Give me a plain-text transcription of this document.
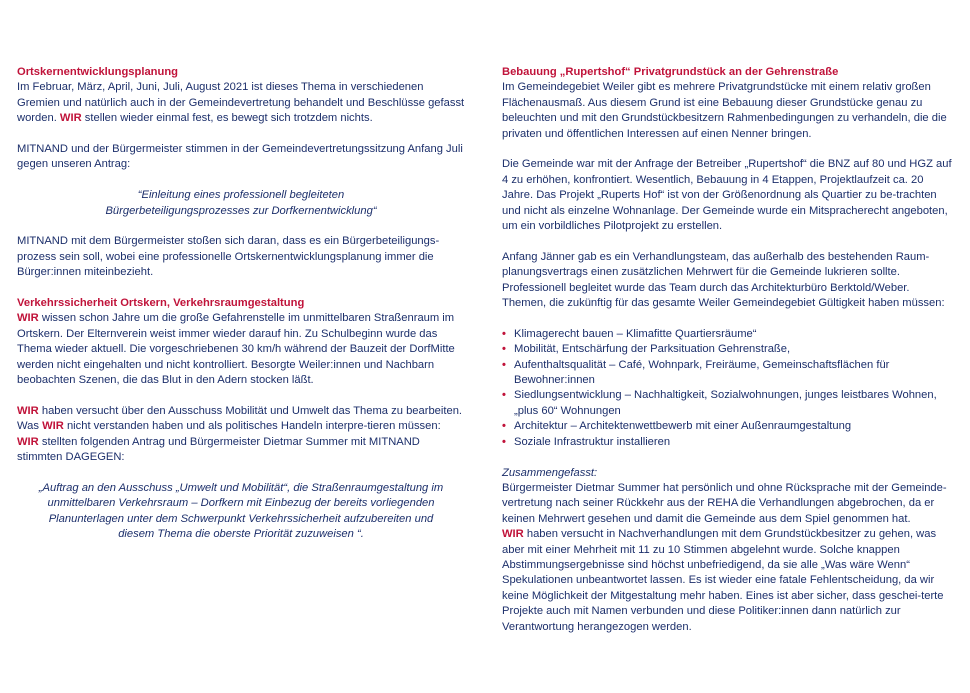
Ortskernentwicklungsplanung

Im Februar, März, April, Juni, Juli, August 2021 ist dieses Thema in verschiedenen Gremien und natürlich auch in der Gemeindevertretung behandelt und Beschlüsse gefasst worden. WIR stellen wieder einmal fest, es bewegt sich trotzdem nichts.

MITNAND und der Bürgermeister stimmen in der Gemeindevertretungssitzung Anfang Juli gegen unseren Antrag:

“Einleitung eines professionell begleiteten
Bürgerbeteiligungsprozesses zur Dorfkernentwicklung“

MITNAND mit dem Bürgermeister stoßen sich daran, dass es ein Bürgerbeteiligungs-prozess sein soll, wobei eine professionelle Ortskernentwicklungsplanung immer die Bürger:innen miteinbezieht.

Verkehrssicherheit Ortskern, Verkehrsraumgestaltung

WIR wissen schon Jahre um die große Gefahrenstelle im unmittelbaren Straßenraum im Ortskern. Der Elternverein weist immer wieder darauf hin. Zu Schulbeginn wurde das Thema wieder aktuell. Die vorgeschriebenen 30 km/h während der Bauzeit der DorfMitte werden nicht eingehalten und nicht kontrolliert. Besorgte Weiler:innen und Nachbarn beobachten Szenen, die das Blut in den Adern stocken läßt.

WIR haben versucht über den Ausschuss Mobilität und Umwelt das Thema zu bearbeiten. Was WIR nicht verstanden haben und als politisches Handeln interpre-tieren müssen: WIR stellten folgenden Antrag und Bürgermeister Dietmar Summer mit MITNAND stimmten DAGEGEN:

„Auftrag an den Ausschuss „Umwelt und Mobilität“, die Straßenraumgestaltung im unmittelbaren Verkehrsraum – Dorfkern mit Einbezug der bereits vorliegenden Planunterlagen unter dem Schwerpunkt Verkehrssicherheit aufzubereiten und diesem Thema die oberste Priorität zuzuweisen “.

Bebauung „Rupertshof“ Privatgrundstück an der Gehrenstraße

Im Gemeindegebiet Weiler gibt es mehrere Privatgrundstücke mit einem relativ großen Flächenausmaß. Aus diesem Grund ist eine Bebauung dieser Grundstücke genau zu beleuchten und mit den Grundstückbesitzern Rahmenbedingungen zu verhandeln, die die privaten und öffentlichen Interessen auf einen Nenner bringen.

Die Gemeinde war mit der Anfrage der Betreiber „Rupertshof“ die BNZ auf 80 und HGZ auf 4 zu erhöhen, konfrontiert. Wesentlich, Bebauung in 4 Etappen, Projektlaufzeit ca. 20 Jahre. Das Projekt „Ruperts Hof“ ist von der Größenordnung als Quartier zu be-trachten und nicht als einzelne Wohnanlage. Der Gemeinde wurde ein Mitspracherecht angeboten, um ein vorbildliches Pilotprojekt zu erstellen.

Anfang Jänner gab es ein Verhandlungsteam, das außerhalb des bestehenden Raum-planungsvertrags einen zusätzlichen Mehrwert für die Gemeinde lukrieren sollte. Professionell begleitet wurde das Team durch das Architekturbüro Berktold/Weber. Themen, die zukünftig für das gesamte Weiler Gemeindegebiet Gültigkeit haben müssen:

• Klimagerecht bauen – Klimafitte Quartiersräume“
• Mobilität, Entschärfung der Parksituation Gehrenstraße,
• Aufenthaltsqualität – Café, Wohnpark, Freiräume, Gemeinschaftsflächen für Bewohner:innen
• Siedlungsentwicklung – Nachhaltigkeit, Sozialwohnungen, junges leistbares Wohnen, „plus 60“ Wohnungen
• Architektur – Architektenwettbewerb mit einer Außenraumgestaltung
• Soziale Infrastruktur installieren

Zusammengefasst:

Bürgermeister Dietmar Summer hat persönlich und ohne Rücksprache mit der Gemeinde-vertretung nach seiner Rückkehr aus der REHA die Verhandlungen abgebrochen, da er keinen Mehrwert gesehen und damit die Gemeinde aus dem Spiel genommen hat.

WIR haben versucht in Nachverhandlungen mit dem Grundstückbesitzer zu gehen, was aber mit einer Mehrheit mit 11 zu 10 Stimmen abgelehnt wurde. Solche knappen Abstimmungsergebnisse sind höchst unbefriedigend, da sie alle „Was wäre Wenn“ Spekulationen unbeantwortet lassen. Es ist wieder eine fatale Fehlentscheidung, da wir keine Möglichkeit der Mitgestaltung mehr haben. Eines ist aber sicher, dass geschei-terte Projekte auch mit Namen verbunden und diese Politiker:innen dann natürlich zur Verantwortung herangezogen werden.
